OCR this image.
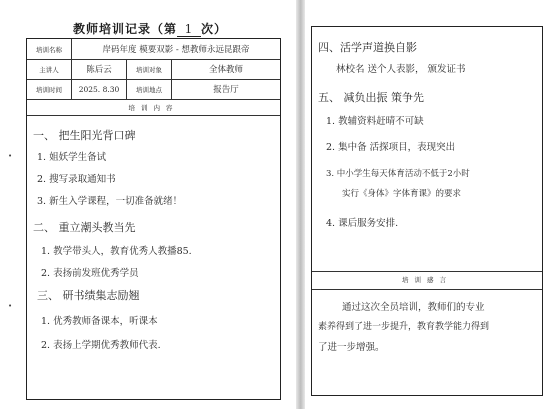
教师培训记录（第 1 次）
培训名称	岸码年度 模要双影 - 想教师永远昆跟帝
主讲人	陈后云	培训对象	全体教师
培训时间	2025. 8.30	培训地点	报告厅
培训内容
一、 把生阳光背口碑
1. 姐妖学生备试
2. 搜写录取通知书
3. 新生入学课程，一切准备就绪！
二、 重立潮头教当先
1. 教学带头人，教育优秀人教播85.
2. 表扬前发班优秀学员
三、 研书绩集志励翘
1. 优秀教师备课本，听课本
2. 表扬上学期优秀教师代表.
•
•
四、活学声道换自影
林校名 送个人表影， 颁发证书
五、 减负出振 策争先
1. 教辅资料赶晴不可缺
2. 集中备 活探项目，表现突出
3. 中小学生每天体育活动不低于2小时
实行《身体》字体育课》的要求
4. 课后服务安排.
培训感言
通过这次全员培训，教师们的专业
素养得到了进一步提升，教育教学能力得到
了进一步增强。
